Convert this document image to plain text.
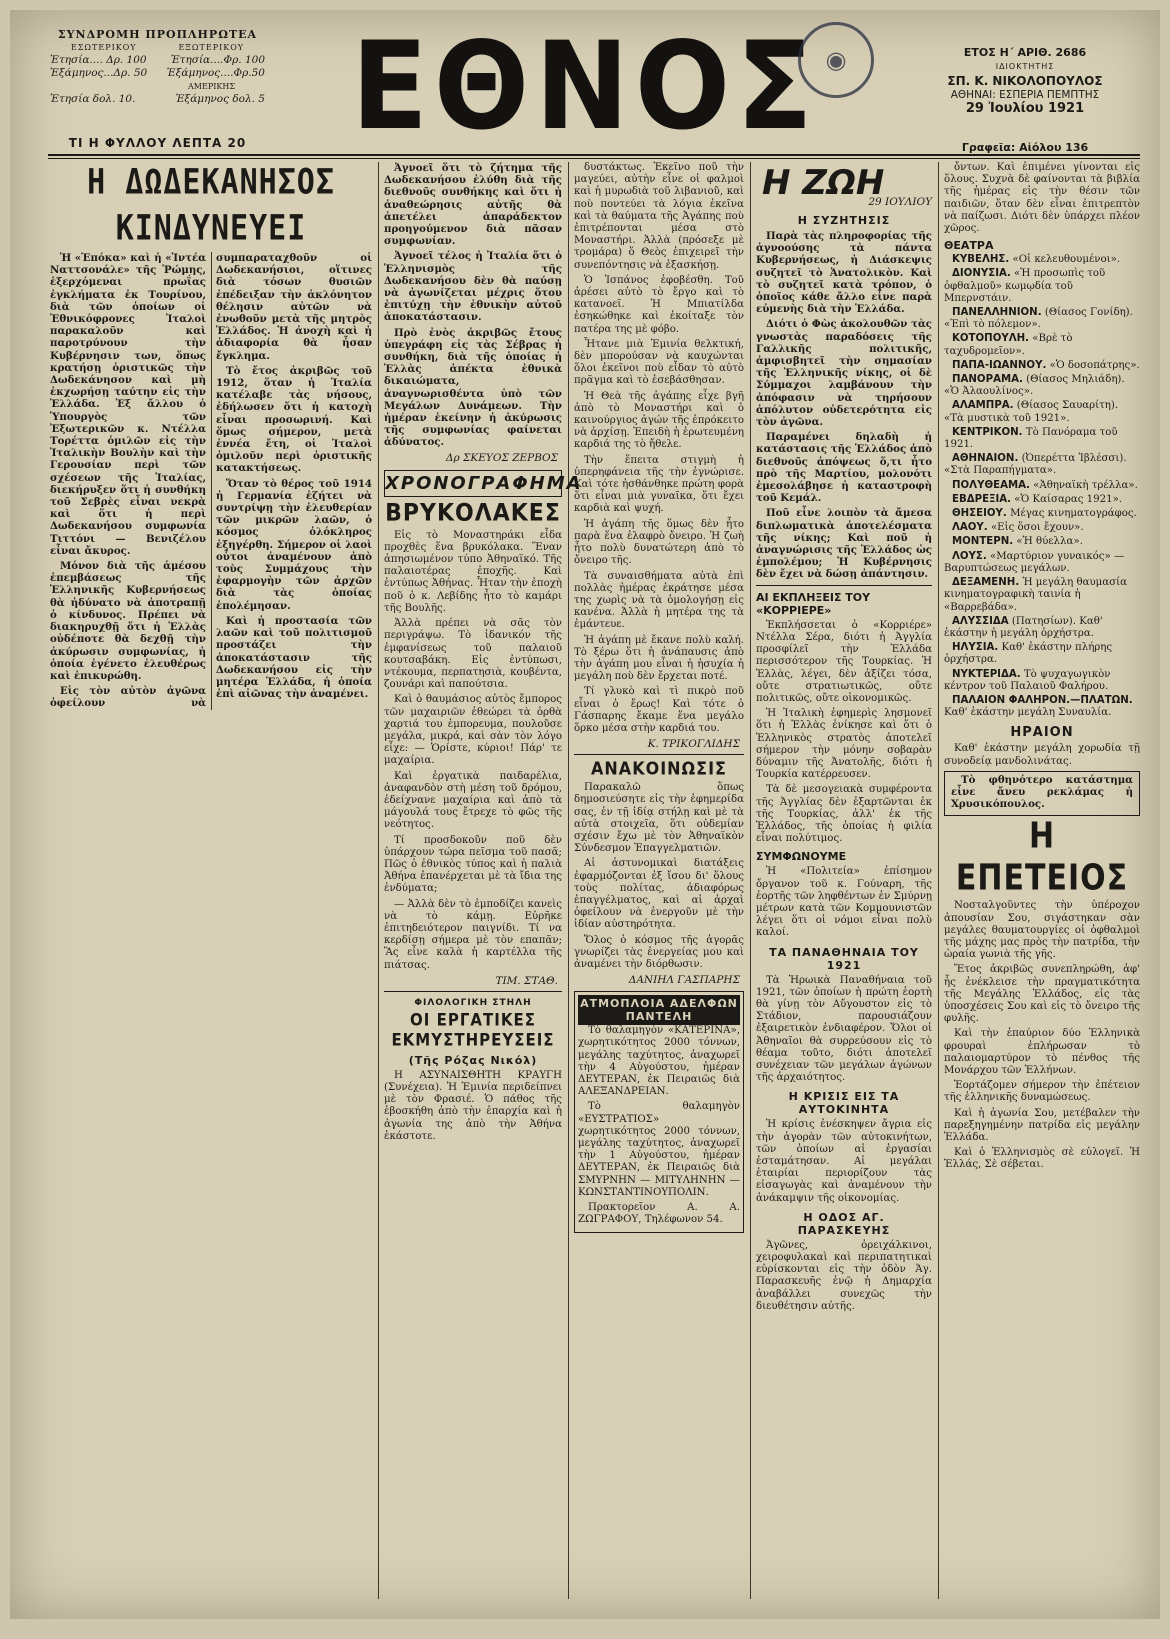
ΣΥΝΔΡΟΜΗ ΠΡΟΠΛΗΡΩΤΕΑ
ΕΣΩΤΕΡΙΚΟΥ	ΕΞΩΤΕΡΙΚΟΥ
Ἐτησία.... Δρ. 100 Ἐτησία....Φρ. 100
Ἑξάμηνος...Δρ. 50 Ἑξάμηνος....Φρ.50
ΑΜΕΡΙΚΗΣ
Ἐτησία δολ. 10.	Ἑξάμηνος δολ. 5
ΤΙ Η ΦΥΛΛΟΥ ΛΕΠΤΑ 20 ΕΘΝΟΣ ◉	ΕΤΟΣ Η΄ ΑΡΙΘ. 2686
ΙΔΙΟΚΤΗΤΗΣ
ΣΠ. Κ. ΝΙΚΟΛΟΠΟΥΛΟΣ
ΑΘΗΝΑΙ: ΕΣΠΕΡΙΑ ΠΕΜΠΤΗΣ
29 Ἰουλίου 1921
Γραφεῖα: Αἰόλου 136
Η ΔΩΔΕΚΑΝΗΣΟΣ ΚΙΝΔΥΝΕΥΕΙ

Ἡ «Ἐπόκα» καὶ ἡ «Ἰντέα Ναττσονάλε» τῆς Ῥώμης, ἐξερχόμεναι πρωΐας ἐγκλήματα ἐκ Τουρίνου, διὰ τῶν ὁποίων οἱ Ἐθνικόφρονες Ἰταλοὶ παρακαλοῦν καὶ παροτρύνουν τὴν Κυβέρνησιν των, ὅπως κρατήσῃ ὁριστικῶς τὴν Δωδεκάνησον καὶ μὴ ἐκχωρήσῃ ταύτην εἰς τὴν Ἑλλάδα. Ἐξ ἄλλου ὁ Ὑπουργὸς τῶν Ἐξωτερικῶν κ. Ντέλλα Τορέττα ὁμιλῶν εἰς τὴν Ἰταλικὴν Βουλὴν καὶ τὴν Γερουσίαν περὶ τῶν σχέσεων τῆς Ἰταλίας, διεκήρυξεν ὅτι ἡ συνθήκη τοῦ Σεβρὲς εἶναι νεκρὰ καὶ ὅτι ἡ περὶ Δωδεκανήσου συμφωνία Τιττόνι — Βενιζέλου εἶναι ἄκυρος.

Μόνον διὰ τῆς ἀμέσου ἐπεμβάσεως τῆς Ἑλληνικῆς Κυβερνήσεως θὰ ἠδύνατο νὰ ἀποτραπῇ ὁ κίνδυνος. Πρέπει νὰ διακηρυχθῇ ὅτι ἡ Ἑλλὰς οὐδέποτε θὰ δεχθῇ τὴν ἀκύρωσιν συμφωνίας, ἡ ὁποία ἐγένετο ἐλευθέρως καὶ ἐπικυρώθη.

Εἰς τὸν αὐτὸν ἀγῶνα ὀφείλουν νὰ συμπαραταχθοῦν οἱ Δωδεκανήσιοι, οἵτινες διὰ τόσων θυσιῶν ἐπέδειξαν τὴν ἀκλόνητον θέλησιν αὐτῶν νὰ ἑνωθοῦν μετὰ τῆς μητρὸς Ἑλλάδος. Ἡ ἀνοχὴ καὶ ἡ ἀδιαφορία θὰ ἦσαν ἔγκλημα.

Τὸ ἔτος ἀκριβῶς τοῦ 1912, ὅταν ἡ Ἰταλία κατέλαβε τὰς νήσους, ἐδήλωσεν ὅτι ἡ κατοχὴ εἶναι προσωρινή. Καὶ ὅμως σήμερον, μετὰ ἐννέα ἔτη, οἱ Ἰταλοὶ ὁμιλοῦν περὶ ὁριστικῆς κατακτήσεως.

Ὅταν τὸ θέρος τοῦ 1914 ἡ Γερμανία ἐζήτει νὰ συντρίψῃ τὴν ἐλευθερίαν τῶν μικρῶν λαῶν, ὁ κόσμος ὁλόκληρος ἐξηγέρθη. Σήμερον οἱ λαοὶ οὗτοι ἀναμένουν ἀπὸ τοὺς Συμμάχους τὴν ἐφαρμογὴν τῶν ἀρχῶν διὰ τὰς ὁποίας ἐπολέμησαν.

Καὶ ἡ προστασία τῶν λαῶν καὶ τοῦ πολιτισμοῦ προστάζει τὴν ἀποκατάστασιν τῆς Δωδεκανήσου εἰς τὴν μητέρα Ἑλλάδα, ἡ ὁποία ἐπὶ αἰῶνας τὴν ἀναμένει.

Ἀγνοεῖ ὅτι τὸ ζήτημα τῆς Δωδεκανήσου ἐλύθη διὰ τῆς διεθνοῦς συνθήκης καὶ ὅτι ἡ ἀναθεώρησις αὐτῆς θὰ ἀπετέλει ἀπαράδεκτον προηγούμενον διὰ πᾶσαν συμφωνίαν.

Ἀγνοεῖ τέλος ἡ Ἰταλία ὅτι ὁ Ἑλληνισμὸς τῆς Δωδεκανήσου δὲν θὰ παύσῃ νὰ ἀγωνίζεται μέχρις ὅτου ἐπιτύχῃ τὴν ἐθνικὴν αὐτοῦ ἀποκατάστασιν.

Πρὸ ἐνὸς ἀκριβῶς ἔτους ὑπεγράφη εἰς τὰς Σέβρας ἡ συνθήκη, διὰ τῆς ὁποίας ἡ Ἑλλὰς ἀπέκτα ἐθνικὰ δικαιώματα, ἀναγνωρισθέντα ὑπὸ τῶν Μεγάλων Δυνάμεων. Τὴν ἡμέραν ἐκείνην ἡ ἀκύρωσις τῆς συμφωνίας φαίνεται ἀδύνατος.

Δρ ΣΚΕΥΟΣ ΖΕΡΒΟΣ
ΧΡΟΝΟΓΡΑΦΗΜΑ
ΒΡΥΚΟΛΑΚΕΣ

Εἰς τὸ Μοναστηράκι εἶδα προχθὲς ἕνα βρυκόλακα. Ἕναν ἀπησιωμένον τύπο Ἀθηναϊκό. Τῆς παλαιοτέρας ἐποχῆς. Καὶ ἐντύπως Ἀθήνας. Ἦταν τὴν ἐποχὴ ποῦ ὁ κ. Λεβίδης ἦτο τὸ καμάρι τῆς Βουλῆς.

Ἀλλὰ πρέπει νὰ σᾶς τὸν περιγράψω. Τὸ ἰδανικόν τῆς ἐμφανίσεως τοῦ παλαιοῦ κουτσαβάκη. Εἰς ἐντύπωσι, ντέκουμα, περπατησιὰ, κουβέντα, ζουνάρι καὶ παπούτσια.

Καὶ ὁ θαυμάσιος αὐτὸς ἔμπορος τῶν μαχαιριῶν ἐθεώρει τὰ ὀρθὰ χαρτιά του ἐμπορευμα, πουλοῦσε μεγάλα, μικρά, καὶ σὰν τὸν λόγο εἶχε: — Ὁρίστε, κύριοι! Πάρ' τε μαχαίρια.

Καὶ ἐργατικὰ παιδαρέλια, ἀναφανδὸν στὴ μέση τοῦ δρόμου, ἐδείχνανε μαχαίρια καὶ ἀπὸ τὰ μάγουλά τους ἔτρεχε τὸ φῶς τῆς νεότητος.

Τί προσδοκοῦν ποῦ δὲν ὑπάρχουν τώρα πεῖσμα τοῦ πασᾶ; Πῶς ὁ ἐθνικὸς τύπος καὶ ἡ παλιὰ Ἀθήνα ἐπανέρχεται μὲ τὰ ἴδια της ἐνδύματα;

— Ἀλλὰ δὲν τὸ ἐμποδίζει κανεὶς νὰ τὸ κάμῃ. Εὐρῆκε ἐπιτηδειότερον παιγνίδι. Τί να κερδίσῃ σήμερα μὲ τὸν επαπᾶν; Ἂς εἶνε καλὰ ἡ καρτέλλα τῆς πιάτσας.

ΤΙΜ. ΣΤΑΘ.
ΦΙΛΟΛΟΓΙΚΗ ΣΤΗΛΗ
ΟΙ ΕΡΓΑΤΙΚΕΣ ΕΚΜΥΣΤΗΡΕΥΣΕΙΣ
(Τῆς Ρόζας Νικόλ)

Η ΑΣΥΝΑΙΣΘΗΤΗ ΚΡΑΥΓΗ (Συνέχεια). Ἡ Ἐμινία περιδείπνει μὲ τὸν Φρασιέ. Ὁ πάθος τῆς ἐβοσκήθη ἀπὸ τὴν ἐπαρχία καὶ ἡ ἀγωνία της ἀπὸ τὴν Ἀθήνα ἑκάστοτε.

δυστάκτως. Ἐκεῖνο ποῦ τὴν μαγεύει, αὐτὴν εἶνε οἱ φαλμοὶ καὶ ἡ μυρωδιὰ τοῦ λιβανιοῦ, καὶ ποὺ ποντεύει τὰ λόγια ἐκεῖνα καὶ τὰ θαύματα τῆς Ἀγάπης ποὺ ἐπιτρέπονται μέσα στὸ Μοναστήρι. Ἀλλὰ (πρόσεξε μὲ τρομάρα) ὅ Θεὸς ἐπιχειρεῖ τὴν συνεπόντησις νὰ ἐξασκήσῃ.

Ὁ Ἰσπάνος ἐφοβέσθη. Τοῦ ἀρέσει αὐτὸ τὸ ἔργο καὶ τὸ κατανοεῖ. Ἡ Μπιατίλδα ἐσηκώθηκε καὶ ἐκοίταξε τὸν πατέρα της μὲ φόβο.

Ἦτανε μιὰ Ἐμινία θελκτική, δὲν μπορούσαν νὰ καυχώνται ὅλοι ἐκεῖνοι ποὺ εἶδαν τὸ αὐτὸ πρᾶγμα καὶ τὸ ἐσεβάσθησαν.

Ἡ Θεὰ τῆς ἀγάπης εἶχε βγῆ ἀπὸ τὸ Μοναστήρι καὶ ὁ καινούργιος ἀγών τῆς ἐπρόκειτο νὰ ἀρχίσῃ. Ἐπειδὴ ἡ ἐρωτευμένη καρδιά της τὸ ἤθελε.

Τὴν ἕπειτα στιγμὴ ἡ ὑπερηφάνεια τῆς τὴν ἐγνώρισε. Καὶ τότε ἠσθάνθηκε πρώτη φορὰ ὅτι εἶναι μιὰ γυναῖκα, ὅτι ἔχει καρδιὰ καὶ ψυχή.

Ἡ ἀγάπη τῆς ὅμως δὲν ἦτο παρὰ ἕνα ἐλαφρὸ ὄνειρο. Ἡ ζωὴ ἦτο πολὺ δυνατώτερη ἀπὸ τὸ ὄνειρο τῆς.

Τὰ συναισθήματα αὐτὰ ἐπὶ πολλὰς ἡμέρας ἐκράτησε μέσα της χωρὶς νὰ τὰ ὁμολογήσῃ εἰς κανένα. Ἀλλὰ ἡ μητέρα της τὰ ἐμάντευε.

Ἡ ἀγάπη μὲ ἔκανε πολὺ καλή. Τὸ ξέρω ὅτι ἡ ἀνάπαυσις ἀπὸ τὴν ἀγάπη μου εἶναι ἡ ἡσυχία ἡ μεγάλη ποὺ δὲν ἔρχεται ποτέ.

Τί γλυκὸ καὶ τὶ πικρὸ ποῦ εἶναι ὁ ἔρως! Καὶ τότε ὁ Γάσπαρης ἔκαμε ἕνα μεγάλο ὅρκο μέσα στὴν καρδιά του.

Κ. ΤΡΙΚΟΓΛΙΔΗΣ
ΑΝΑΚΟΙΝΩΣΙΣ

Παρακαλῶ ὅπως δημοσιεύσητε εἰς τὴν ἐφημερίδα σας, ἐν τῇ ἰδίᾳ στήλῃ καὶ μὲ τὰ αὐτὰ στοιχεῖα, ὅτι οὐδεμίαν σχέσιν ἔχω μὲ τὸν Ἀθηναϊκὸν Σύνδεσμον Ἐπαγγελματιῶν.

Αἱ ἀστυνομικαὶ διατάξεις ἐφαρμόζονται ἐξ ἴσου δι' ὅλους τοὺς πολίτας, ἀδιαφόρως ἐπαγγέλματος, καὶ αἱ ἀρχαὶ ὀφείλουν νὰ ἐνεργοῦν μὲ τὴν ἰδίαν αὐστηρότητα.

Ὅλος ὁ κόσμος τῆς ἀγορᾶς γνωρίζει τὰς ἐνεργείας μου καὶ ἀναμένει τὴν διόρθωσιν.

ΔΑΝΙΗΛ ΓΑΣΠΑΡΗΣ
ΑΤΜΟΠΛΟΙΑ ΑΔΕΛΦΩΝ ΠΑΝΤΕΛΗ

Τὸ θαλαμηγὸν «ΚΑΤΕΡΙΝΑ», χωρητικότητος 2000 τόννων, μεγάλης ταχύτητος, ἀναχωρεῖ τὴν 4 Αὐγούστου, ἡμέραν ΔΕΥΤΕΡΑΝ, ἐκ Πειραιῶς διὰ ΑΛΕΞΑΝΔΡΕΙΑΝ.

Τὸ θαλαμηγὸν «ΕΥΣΤΡΑΤΙΟΣ» χωρητικότητος 2000 τόννων, μεγάλης ταχύτητος, ἀναχωρεῖ τὴν 1 Αὐγούστου, ἡμέραν ΔΕΥΤΕΡΑΝ, ἐκ Πειραιῶς διὰ ΣΜΥΡΝΗΝ — ΜΙΤΥΛΗΝΗΝ — ΚΩΝΣΤΑΝΤΙΝΟΥΠΟΛΙΝ.

Πρακτορεῖον Α. Α. ΖΩΓΡΑΦΟΥ, Τηλέφωνον 54.

Η ΖΩΗ
29 ΙΟΥΛΙΟΥ
Η ΣΥΖΗΤΗΣΙΣ

Παρὰ τὰς πληροφορίας τῆς ἀγνοούσης τὰ πάντα Κυβερνήσεως, ἡ Διάσκεψις συζητεῖ τὸ Ἀνατολικὸν. Καὶ τὸ συζητεῖ κατὰ τρόπον, ὁ ὁποῖος κάθε ἄλλο εἶνε παρὰ εὐμενὴς διὰ τὴν Ἑλλάδα.

Διότι ὁ Φὼς ἀκολουθῶν τὰς γνωστὰς παραδόσεις τῆς Γαλλικῆς πολιτικῆς, ἀμφισβητεῖ τὴν σημασίαν τῆς Ἑλληνικῆς νίκης, οἱ δὲ Σύμμαχοι λαμβάνουν τὴν ἀπόφασιν νὰ τηρήσουν ἀπόλυτον οὐδετερότητα εἰς τὸν ἀγῶνα.

Παραμένει δηλαδὴ ἡ κατάστασις τῆς Ἑλλάδος ἀπὸ διεθνοῦς ἀπόψεως ὅ,τι ἦτο πρὸ τῆς Μαρτίου, μολονότι ἐμεσολάβησε ἡ καταστροφὴ τοῦ Κεμάλ.

Ποῦ εἶνε λοιπὸν τὰ ἄμεσα διπλωματικὰ ἀποτελέσματα τῆς νίκης; Καὶ ποῦ ἡ ἀναγνώρισις τῆς Ἑλλάδος ὡς ἐμπολέμου; Ἡ Κυβέρνησις δὲν ἔχει νὰ δώσῃ ἀπάντησιν.

ΑΙ ΕΚΠΛΗΞΕΙΣ ΤΟΥ «ΚΟΡΡΙΕΡΕ»

Ἐκπλήσσεται ὁ «Κορριέρε» Ντέλλα Σέρα, διότι ἡ Ἀγγλία προσφίλεῖ τὴν Ἑλλάδα περισσότερον τῆς Τουρκίας. Ἡ Ἑλλὰς, λέγει, δὲν ἀξίζει τόσα, οὔτε στρατιωτικῶς, οὔτε πολιτικῶς, οὔτε οἰκονομικῶς.

Ἡ Ἰταλικὴ ἐφημερὶς λησμονεῖ ὅτι ἡ Ἑλλὰς ἐνίκησε καὶ ὅτι ὁ Ἑλληνικὸς στρατὸς ἀποτελεῖ σήμερον τὴν μόνην σοβαρὰν δύναμιν τῆς Ἀνατολῆς, διότι ἡ Τουρκία κατέρρευσεν.

Τὰ δὲ μεσογειακὰ συμφέροντα τῆς Ἀγγλίας δὲν ἐξαρτῶνται ἐκ τῆς Τουρκίας, ἀλλ' ἐκ τῆς Ἑλλάδος, τῆς ὁποίας ἡ φιλία εἶναι πολύτιμος.

ΣΥΜΦΩΝΟΥΜΕ

Ἡ «Πολιτεία» ἐπίσημον ὄργανον τοῦ κ. Γούναρη, τῆς ἑορτῆς τῶν ληφθέντων ἐν Σμύρνῃ μέτρων κατὰ τῶν Κομμουνιστῶν λέγει ὅτι οἱ νόμοι εἶναι πολὺ καλοί.

ΤΑ ΠΑΝΑΘΗΝΑΙΑ ΤΟΥ 1921

Τὰ Ἡρωικὰ Παναθήναια τοῦ 1921, τῶν ὁποίων ἡ πρώτη ἑορτὴ θὰ γίνῃ τὸν Αὔγουστον εἰς τὸ Στάδιον, παρουσιάζουν ἐξαιρετικὸν ἐνδιαφέρον. Ὅλοι οἱ Ἀθηναῖοι θὰ συρρεύσουν εἰς τὸ θέαμα τοῦτο, διότι ἀποτελεῖ συνέχειαν τῶν μεγάλων ἀγώνων τῆς ἀρχαιότητος.

Η ΚΡΙΣΙΣ ΕΙΣ ΤΑ ΑΥΤΟΚΙΝΗΤΑ

Ἡ κρίσις ἐνέσκηψεν ἄγρια εἰς τὴν ἀγορὰν τῶν αὐτοκινήτων, τῶν ὁποίων αἱ ἐργασίαι ἐσταμάτησαν. Αἱ μεγάλαι ἑταιρίαι περιορίζουν τὰς εἰσαγωγὰς καὶ ἀναμένουν τὴν ἀνάκαμψιν τῆς οἰκονομίας.

Η ΟΔΟΣ ΑΓ. ΠΑΡΑΣΚΕΥΗΣ

Ἀγῶνες, ὀρειχάλκινοι, χειροφυλακαὶ καὶ περιπατητικαὶ εὑρίσκονται εἰς τὴν ὁδὸν Ἁγ. Παρασκευῆς ἐνῷ ἡ Δημαρχία ἀναβάλλει συνεχῶς τὴν διευθέτησιν αὐτῆς.

ὄντων. Καὶ ἐπιμένει γίνονται εἰς ὅλους. Συχνὰ δὲ φαίνονται τὰ βιβλία τῆς ἡμέρας εἰς τὴν θέσιν τῶν παιδιῶν, ὅταν δὲν εἶναι ἐπιτρεπτὸν νὰ παίζωσι. Διότι δὲν ὑπάρχει πλέον χῶρος.

ΘΕΑΤΡΑ

ΚΥΒΕΛΗΣ. «Οἱ κελευθουμένοι».

ΔΙΟΝΥΣΙΑ. «Ἡ προσωπὶς τοῦ ὀφθαλμοῦ» κωμῳδία τοῦ Μπερνστάιν.

ΠΑΝΕΛΛΗΝΙΟΝ. (Θίασος Γονίδη). «Ἐπὶ τὸ πόλεμον».

ΚΟΤΟΠΟΥΛΗ. «Βρὲ τὸ ταχυδρομεῖον».

ΠΑΠΑ-ΙΩΑΝΝΟΥ. «Ὁ δοσοπάτρης».

ΠΑΝΟΡΑΜΑ. (Θίασος Μηλιάδη). «Ὁ Ἀλαουλίνος».

ΑΛΑΜΠΡΑ. (Θίασος Σαυαρίτη). «Τὰ μυστικὰ τοῦ 1921».

ΚΕΝΤΡΙΚΟΝ. Τὸ Πανόραμα τοῦ 1921.

ΑΘΗΝΑΙΟΝ. (Ὀπερέττα Ἰβλέσσι). «Στὰ Παραπήγματα».

ΠΟΛΥΘΕΑΜΑ. «Ἀθηναϊκὴ τρέλλα».

ΕΒΔΡΕΞΙΑ. «Ὁ Καίσαρας 1921».

ΘΗΣΕΙΟΥ. Μέγας κινηματογράφος.

ΛΑΟΥ. «Εἰς ὅσοι ἔχουν».

ΜΟΝΤΕΡΝ. «Ἡ θύελλα».

ΛΟΥΣ. «Μαρτύριον γυναικός» — Βαρυπτώσεως μεγάλων.

ΔΕΞΑΜΕΝΗ. Ἡ μεγάλη θαυμασία κινηματογραφικὴ ταινία ἡ «Βαρρεβάδα».

ΑΛΥΣΣΙΔΑ (Πατησίων). Καθ' ἑκάστην ἡ μεγάλη ὀρχήστρα.

ΗΛΥΣΙΑ. Καθ' ἑκάστην πλήρης ὀρχήστρα.

ΝΥΚΤΕΡΙΔΑ. Τὸ ψυχαγωγικὸν κέντρον τοῦ Παλαιοῦ Φαλήρου.

ΠΑΛΑΙΟΝ ΦΑΛΗΡΟΝ.—ΠΛΑΤΩΝ. Καθ' ἑκάστην μεγάλη Συναυλία.

ΗΡΑΙΟΝ

Καθ' ἑκάστην μεγάλη χορωδία τῇ συνοδείᾳ μανδολινάτας.

Τὸ φθηνότερο κατάστημα εἶνε ἄνευ ρεκλάμας ἡ Χρυσικόπουλος.

Η ΕΠΕΤΕΙΟΣ

Νοσταλγοῦντες τὴν ὑπέροχον ἀπουσίαν Σου, σιγάστηκαν σὰν μεγάλες θαυματουργίες οἱ ὀφθαλμοὶ τῆς μάχης μας πρὸς τὴν πατρίδα, τὴν ὡραία γωνιὰ τῆς γῆς.

Ἔτος ἀκριβῶς συνεπληρώθη, ἀφ' ἧς ἐνέκλεισε τὴν πραγματικότητα τῆς Μεγάλης Ἑλλάδος, εἰς τὰς ὑποσχέσεις Σου καὶ εἰς τὸ ὄνειρο τῆς φυλῆς.

Καὶ τὴν ἐπαύριον δύο Ἑλληνικὰ φρουραὶ ἐπλήρωσαν τὸ παλαιομαρτύρον τὸ πένθος τῆς Μονάρχου τῶν Ἑλλήνων.

Ἑορτάζομεν σήμερον τὴν ἐπέτειον τῆς ἑλληνικῆς δυναμώσεως.

Καὶ ἡ ἀγωνία Σου, μετέβαλεν τὴν παρεξηγημένην πατρίδα εἰς μεγάλην Ἑλλάδα.

Καὶ ὁ Ἑλληνισμὸς σὲ εὐλογεῖ. Ἡ Ἑλλάς, Σὲ σέβεται.
